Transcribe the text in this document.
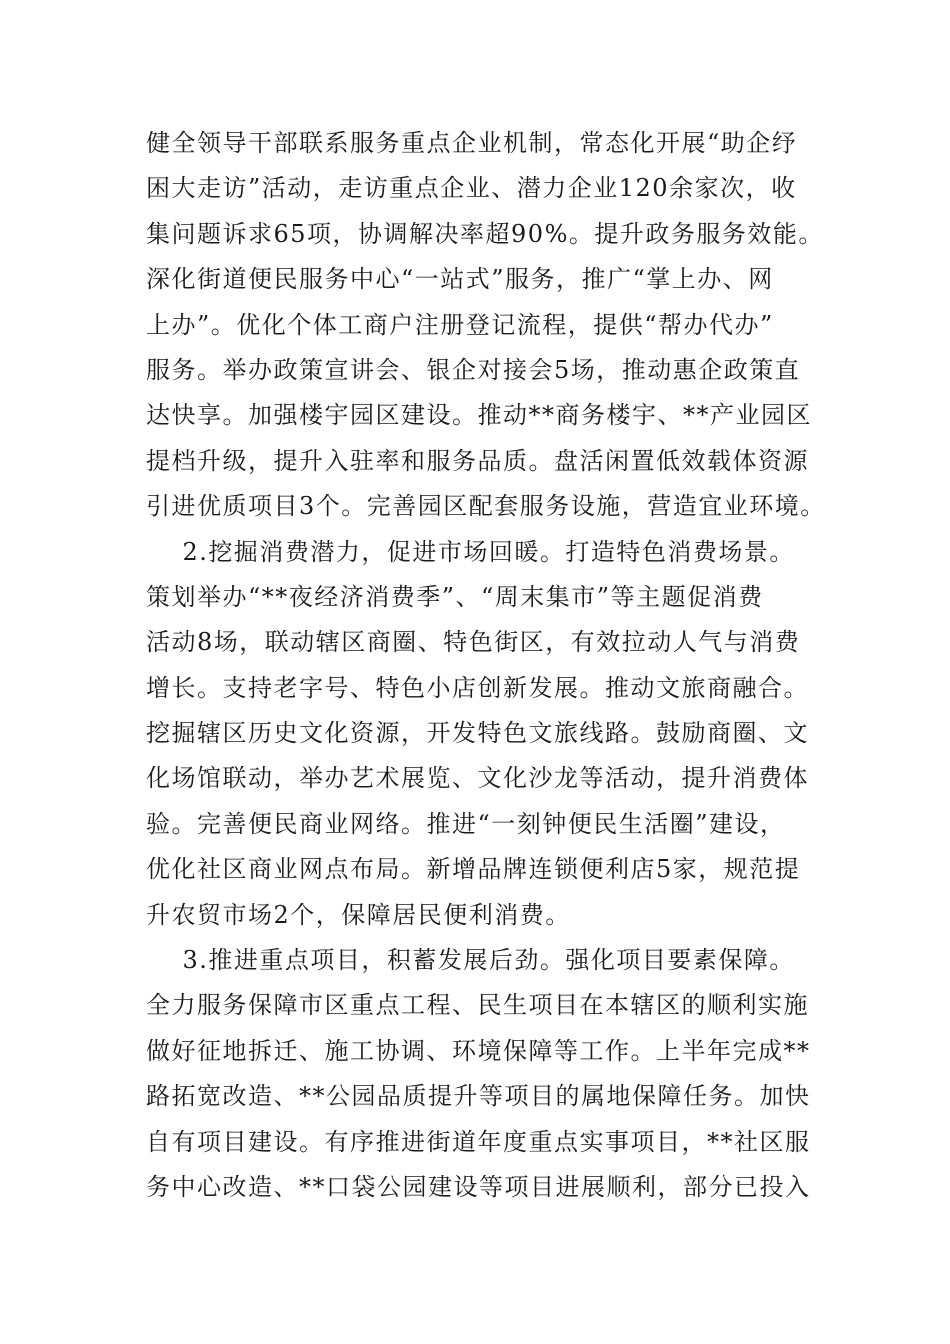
健全领导干部联系服务重点企业机制，常态化开展“助企纾
困大走访”活动，走访重点企业、潜力企业120余家次，收
集问题诉求65项，协调解决率超90%。提升政务服务效能。
深化街道便民服务中心“一站式”服务，推广“掌上办、网
上办”。优化个体工商户注册登记流程，提供“帮办代办”
服务。举办政策宣讲会、银企对接会5场，推动惠企政策直
达快享。加强楼宇园区建设。推动**商务楼宇、**产业园区
提档升级，提升入驻率和服务品质。盘活闲置低效载体资源
引进优质项目3个。完善园区配套服务设施，营造宜业环境。
2.挖掘消费潜力，促进市场回暖。打造特色消费场景。
策划举办“**夜经济消费季”、“周末集市”等主题促消费
活动8场，联动辖区商圈、特色街区，有效拉动人气与消费
增长。支持老字号、特色小店创新发展。推动文旅商融合。
挖掘辖区历史文化资源，开发特色文旅线路。鼓励商圈、文
化场馆联动，举办艺术展览、文化沙龙等活动，提升消费体
验。完善便民商业网络。推进“一刻钟便民生活圈”建设，
优化社区商业网点布局。新增品牌连锁便利店5家，规范提
升农贸市场2个，保障居民便利消费。
3.推进重点项目，积蓄发展后劲。强化项目要素保障。
全力服务保障市区重点工程、民生项目在本辖区的顺利实施
做好征地拆迁、施工协调、环境保障等工作。上半年完成**
路拓宽改造、**公园品质提升等项目的属地保障任务。加快
自有项目建设。有序推进街道年度重点实事项目，**社区服
务中心改造、**口袋公园建设等项目进展顺利，部分已投入
